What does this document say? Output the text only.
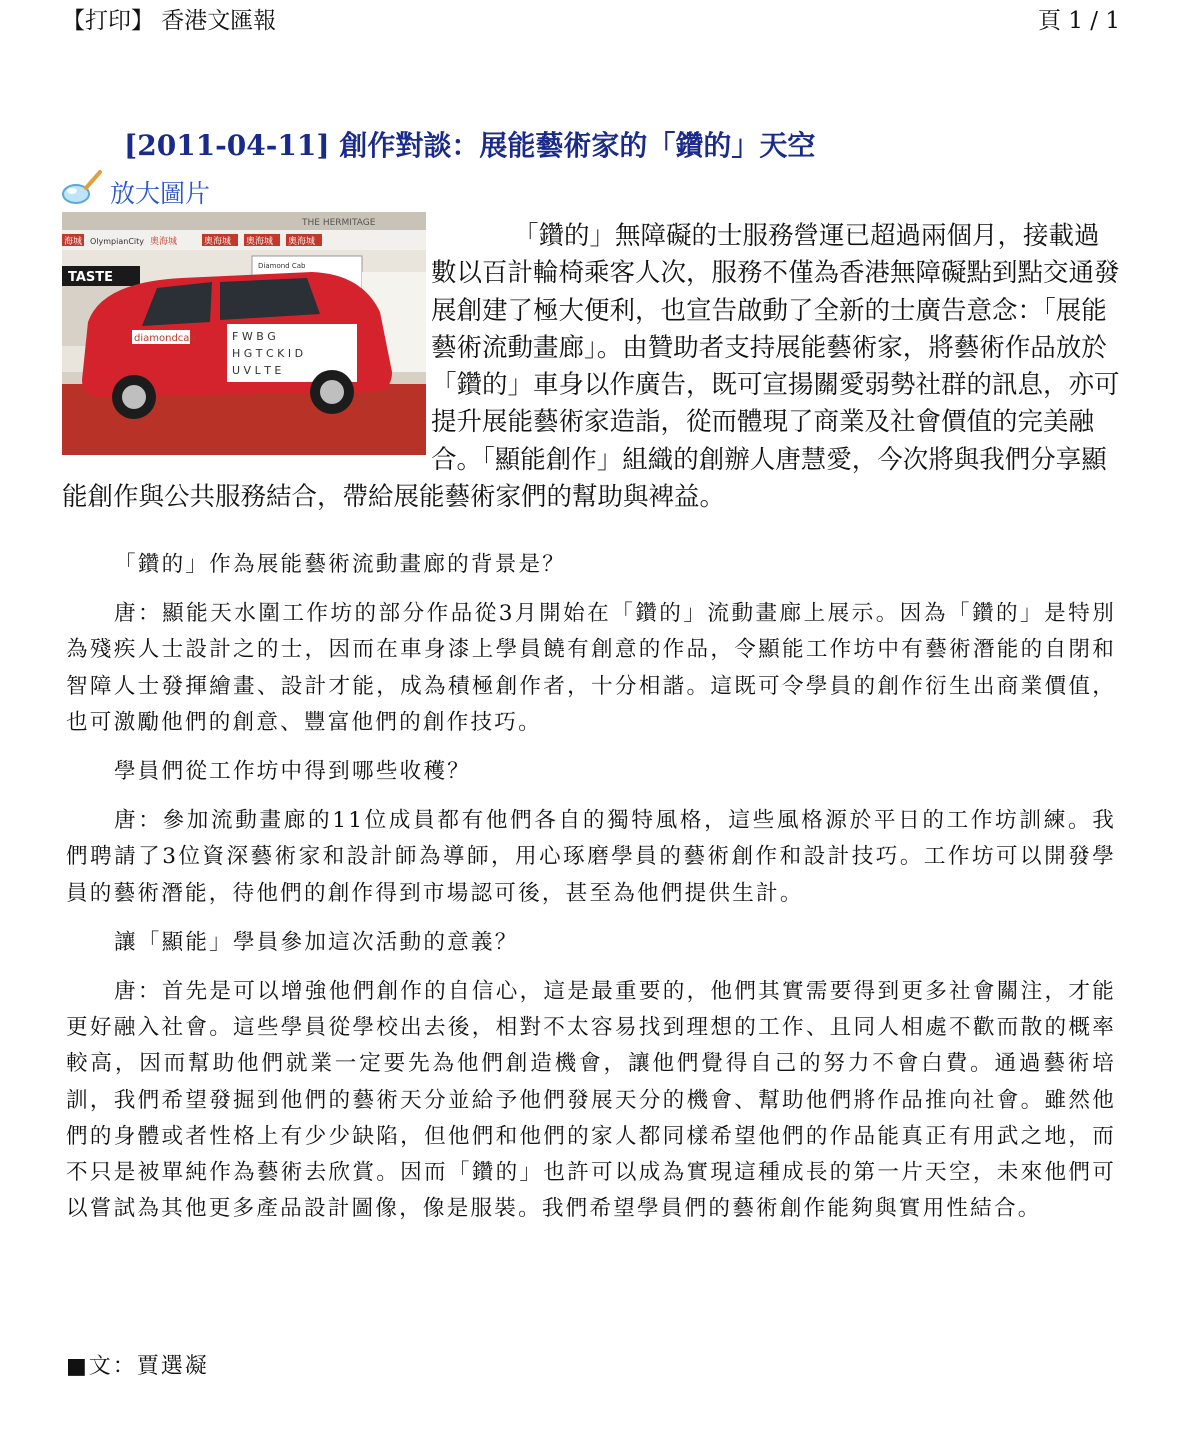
【打印】 香港文匯報	頁 1 / 1
[2011-04-11] 創作對談：展能藝術家的「鑽的」天空
放大圖片
THE HERMITAGE
海城 OlympianCity 奧海城	奧海城 奧海城 奧海城
TASTE
Diamond Cab
F W B G
H G T C K I D
U V L T E
diamondcab
「鑽的」無障礙的士服務營運已超過兩個月，接載過數以百計輪椅乘客人次，服務不僅為香港無障礙點到點交通發展創建了極大便利，也宣告啟動了全新的士廣告意念：「展能藝術流動畫廊」。由贊助者支持展能藝術家，將藝術作品放於「鑽的」車身以作廣告，既可宣揚關愛弱勢社群的訊息，亦可提升展能藝術家造詣，從而體現了商業及社會價值的完美融合。「顯能創作」組織的創辦人唐慧愛，今次將與我們分享顯能創作與公共服務結合，帶給展能藝術家們的幫助與裨益。

「鑽的」作為展能藝術流動畫廊的背景是？

唐：顯能天水圍工作坊的部分作品從3月開始在「鑽的」流動畫廊上展示。因為「鑽的」是特別為殘疾人士設計之的士，因而在車身漆上學員饒有創意的作品，令顯能工作坊中有藝術潛能的自閉和智障人士發揮繪畫、設計才能，成為積極創作者，十分相諧。這既可令學員的創作衍生出商業價值，也可激勵他們的創意、豐富他們的創作技巧。

學員們從工作坊中得到哪些收穫？

唐：參加流動畫廊的11位成員都有他們各自的獨特風格，這些風格源於平日的工作坊訓練。我們聘請了3位資深藝術家和設計師為導師，用心琢磨學員的藝術創作和設計技巧。工作坊可以開發學員的藝術潛能，待他們的創作得到市場認可後，甚至為他們提供生計。

讓「顯能」學員參加這次活動的意義？

唐：首先是可以增強他們創作的自信心，這是最重要的，他們其實需要得到更多社會關注，才能更好融入社會。這些學員從學校出去後，相對不太容易找到理想的工作、且同人相處不歡而散的概率較高，因而幫助他們就業一定要先為他們創造機會，讓他們覺得自己的努力不會白費。通過藝術培訓，我們希望發掘到他們的藝術天分並給予他們發展天分的機會、幫助他們將作品推向社會。雖然他們的身體或者性格上有少少缺陷，但他們和他們的家人都同樣希望他們的作品能真正有用武之地，而不只是被單純作為藝術去欣賞。因而「鑽的」也許可以成為實現這種成長的第一片天空，未來他們可以嘗試為其他更多產品設計圖像，像是服裝。我們希望學員們的藝術創作能夠與實用性結合。

■文：賈選凝
